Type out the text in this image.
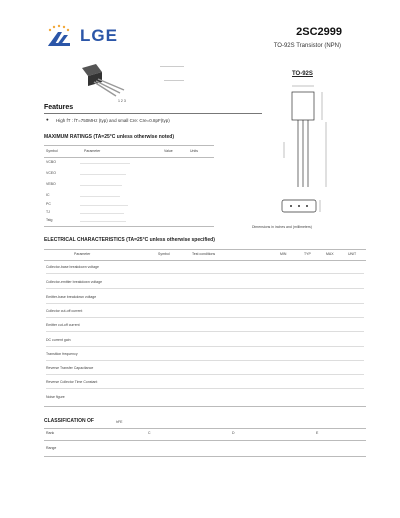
LGE	2SC2999
TO-92S Transistor (NPN)
1 2 3
TO-92S
Dimensions in inches and (millimeters)
Features
● High fT : fT=750MHz (typ) and small Cre: Cre=0.8pF(typ)
MAXIMUM RATINGS (TA=25°C unless otherwise noted)
Symbol	Parameter	Value	Units
VCBO
VCEO
VEBO
IC
PC
TJ
Tstg
ELECTRICAL CHARACTERISTICS (TA=25°C unless otherwise specified)
Parameter	Symbol	Test conditions	MIN	TYP	MAX	UNIT
Collector-base breakdown voltage
Collector-emitter breakdown voltage
Emitter-base breakdown voltage
Collector cut-off current
Emitter cut-off current
DC current gain
Transition frequency
Reverse Transfer Capacitance
Reverse Collector Time Constant
Noise figure
CLASSIFICATION OF	hFE
Rank	C	D	E
Range
